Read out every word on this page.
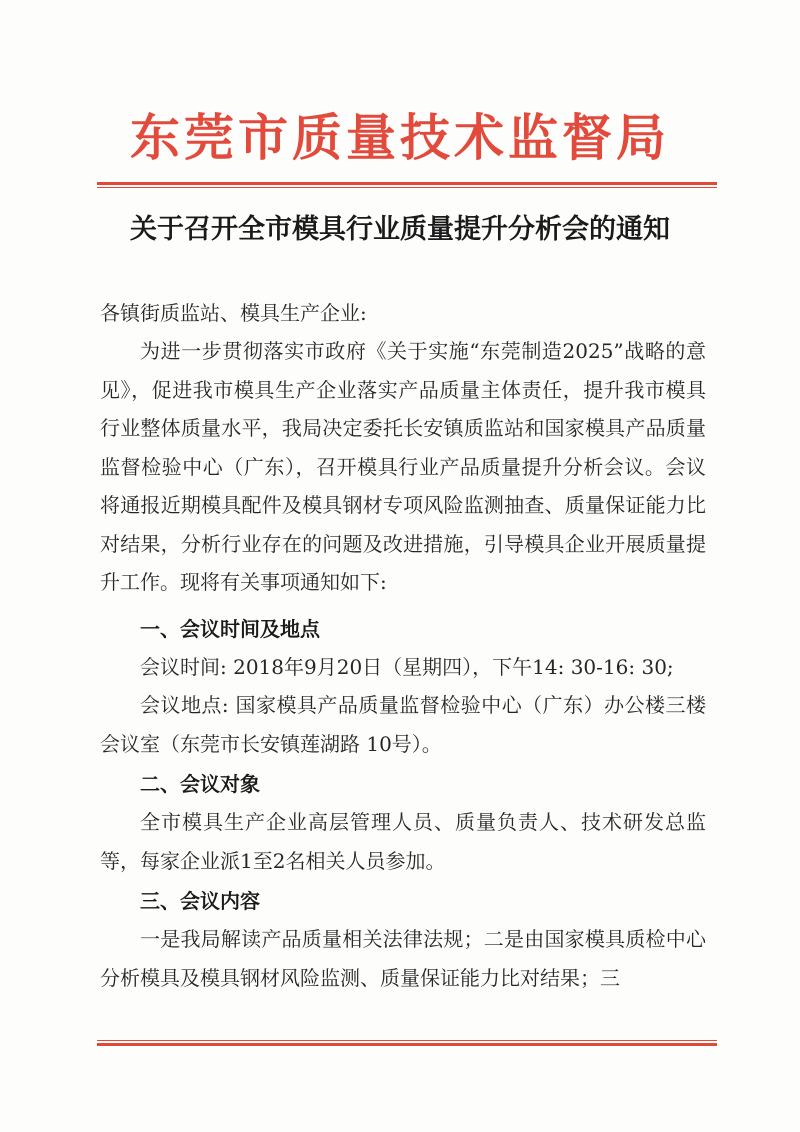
东莞市质量技术监督局
关于召开全市模具行业质量提升分析会的通知
各镇街质监站、模具生产企业:
为进一步贯彻落实市政府《关于实施“东莞制造2025”战略的意见》，促进我市模具生产企业落实产品质量主体责任，提升我市模具行业整体质量水平，我局决定委托长安镇质监站和国家模具产品质量监督检验中心（广东），召开模具行业产品质量提升分析会议。会议将通报近期模具配件及模具钢材专项风险监测抽查、质量保证能力比对结果，分析行业存在的问题及改进措施，引导模具企业开展质量提升工作。现将有关事项通知如下:
一、会议时间及地点
会议时间: 2018年9月20日（星期四），下午14: 30-16: 30;
会议地点: 国家模具产品质量监督检验中心（广东）办公楼三楼会议室（东莞市长安镇莲湖路 10号）。
二、会议对象
全市模具生产企业高层管理人员、质量负责人、技术研发总监等，每家企业派1至2名相关人员参加。
三、会议内容
一是我局解读产品质量相关法律法规；二是由国家模具质检中心分析模具及模具钢材风险监测、质量保证能力比对结果；三
